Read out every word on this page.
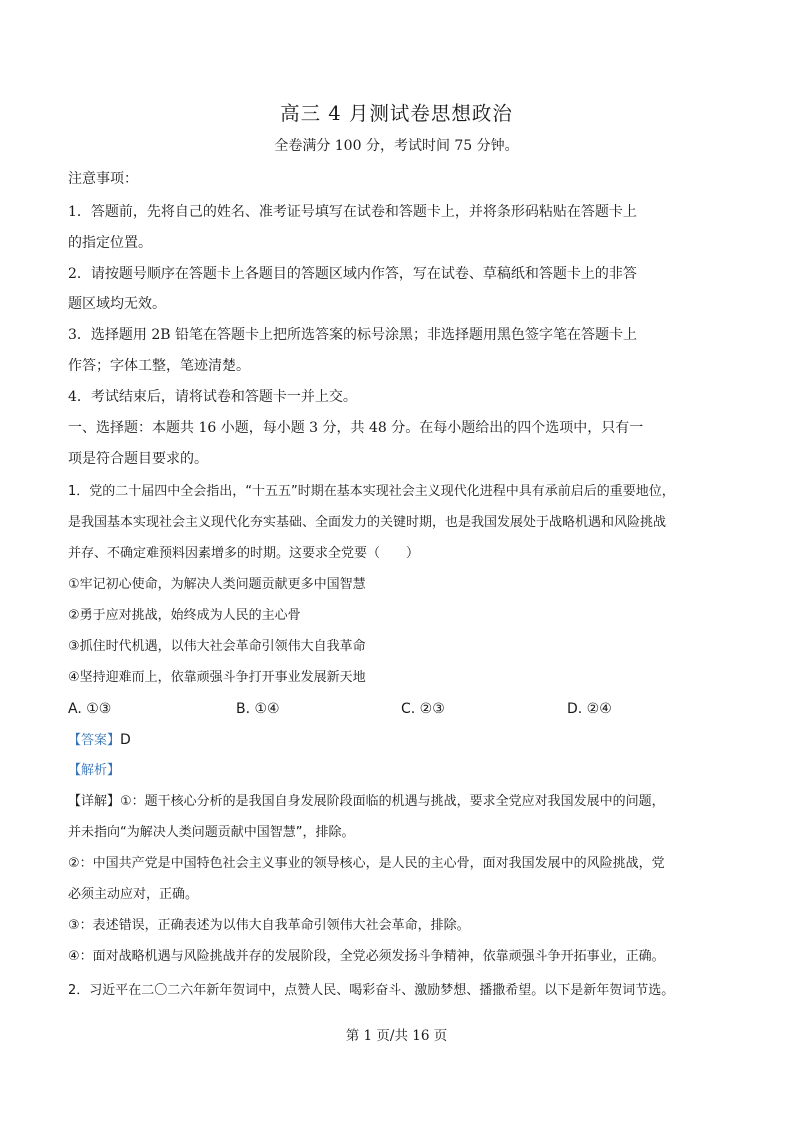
高三 4 月测试卷思想政治
全卷满分 100 分，考试时间 75 分钟。
注意事项：
1．答题前，先将自己的姓名、准考证号填写在试卷和答题卡上，并将条形码粘贴在答题卡上
的指定位置。
2．请按题号顺序在答题卡上各题目的答题区域内作答，写在试卷、草稿纸和答题卡上的非答
题区域均无效。
3．选择题用 2B 铅笔在答题卡上把所选答案的标号涂黑；非选择题用黑色签字笔在答题卡上
作答；字体工整，笔迹清楚。
4．考试结束后，请将试卷和答题卡一并上交。
一、选择题：本题共 16 小题，每小题 3 分，共 48 分。在每小题给出的四个选项中，只有一
项是符合题目要求的。
1．党的二十届四中全会指出，“十五五”时期在基本实现社会主义现代化进程中具有承前启后的重要地位，
是我国基本实现社会主义现代化夯实基础、全面发力的关键时期，也是我国发展处于战略机遇和风险挑战
并存、不确定难预料因素增多的时期。这要求全党要（　　）
①牢记初心使命，为解决人类问题贡献更多中国智慧
②勇于应对挑战，始终成为人民的主心骨
③抓住时代机遇，以伟大社会革命引领伟大自我革命
④坚持迎难而上，依靠顽强斗争打开事业发展新天地
A. ①③	B. ①④	C. ②③	D. ②④
【答案】D
【解析】
【详解】①：题干核心分析的是我国自身发展阶段面临的机遇与挑战，要求全党应对我国发展中的问题，
并未指向“为解决人类问题贡献中国智慧”，排除。
②：中国共产党是中国特色社会主义事业的领导核心，是人民的主心骨，面对我国发展中的风险挑战，党
必须主动应对，正确。
③：表述错误，正确表述为以伟大自我革命引领伟大社会革命，排除。
④：面对战略机遇与风险挑战并存的发展阶段，全党必须发扬斗争精神，依靠顽强斗争开拓事业，正确。
2．习近平在二〇二六年新年贺词中，点赞人民、喝彩奋斗、激励梦想、播撒希望。以下是新年贺词节选。
第 1 页/共 16 页
